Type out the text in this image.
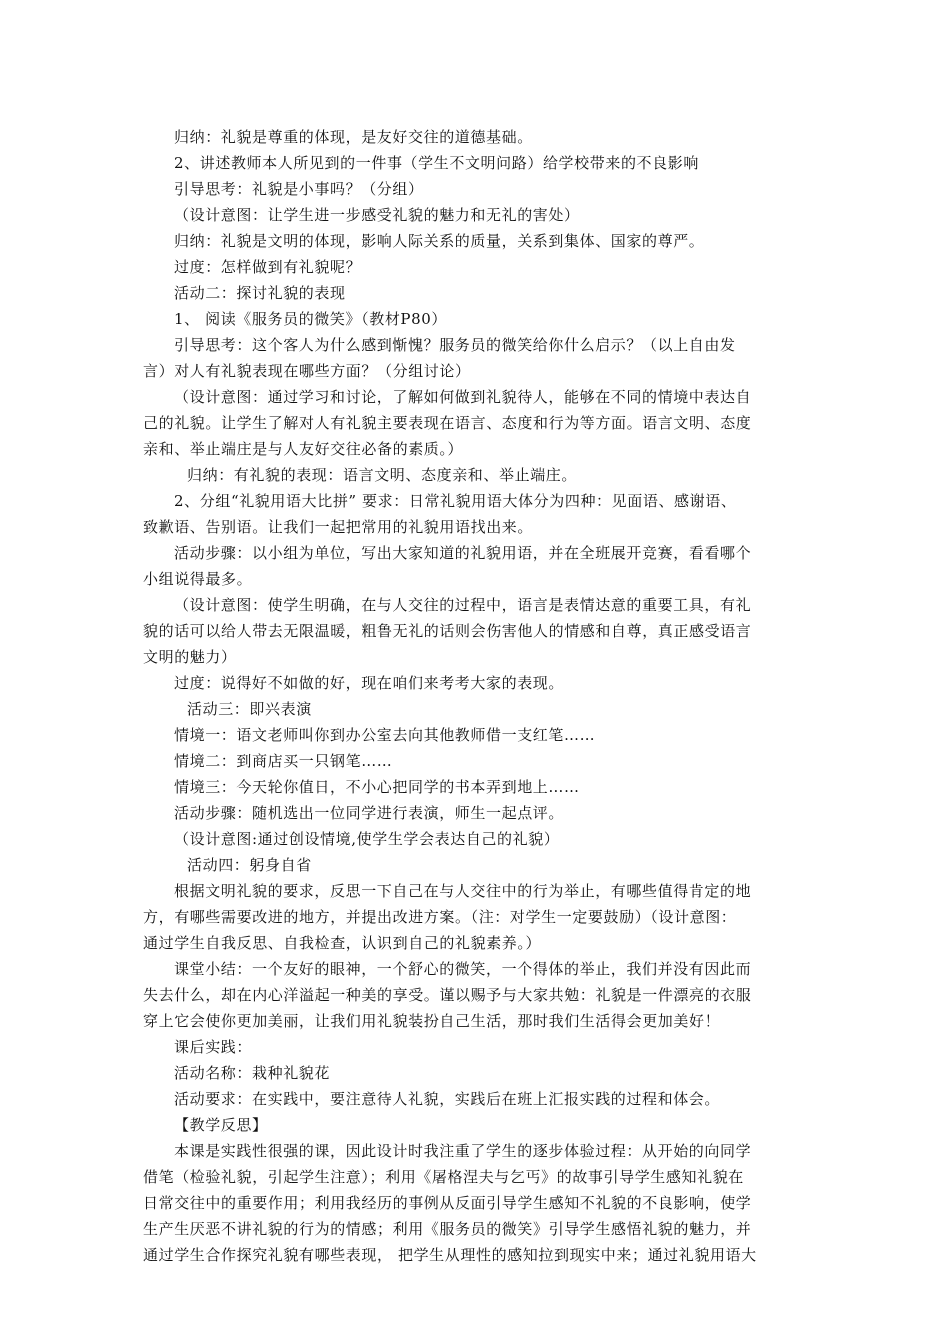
归纳：礼貌是尊重的体现，是友好交往的道德基础。
2、讲述教师本人所见到的一件事（学生不文明问路）给学校带来的不良影响
引导思考：礼貌是小事吗？（分组）
（设计意图：让学生进一步感受礼貌的魅力和无礼的害处）
归纳：礼貌是文明的体现，影响人际关系的质量，关系到集体、国家的尊严。
过度：怎样做到有礼貌呢？
活动二：探讨礼貌的表现
1、 阅读《服务员的微笑》（教材P80）
引导思考：这个客人为什么感到惭愧？服务员的微笑给你什么启示？（以上自由发
言）对人有礼貌表现在哪些方面？（分组讨论）
（设计意图：通过学习和讨论，了解如何做到礼貌待人，能够在不同的情境中表达自
己的礼貌。让学生了解对人有礼貌主要表现在语言、态度和行为等方面。语言文明、态度
亲和、举止端庄是与人友好交往必备的素质。）
归纳：有礼貌的表现：语言文明、态度亲和、举止端庄。
2、分组“礼貌用语大比拼” 要求：日常礼貌用语大体分为四种：见面语、感谢语、
致歉语、告别语。让我们一起把常用的礼貌用语找出来。
活动步骤：以小组为单位，写出大家知道的礼貌用语，并在全班展开竞赛，看看哪个
小组说得最多。
（设计意图：使学生明确，在与人交往的过程中，语言是表情达意的重要工具，有礼
貌的话可以给人带去无限温暖，粗鲁无礼的话则会伤害他人的情感和自尊，真正感受语言
文明的魅力）
过度：说得好不如做的好，现在咱们来考考大家的表现。
活动三：即兴表演
情境一：语文老师叫你到办公室去向其他教师借一支红笔……
情境二：到商店买一只钢笔……
情境三：今天轮你值日，不小心把同学的书本弄到地上……
活动步骤：随机选出一位同学进行表演，师生一起点评。
（设计意图:通过创设情境,使学生学会表达自己的礼貌）
活动四：躬身自省
根据文明礼貌的要求，反思一下自己在与人交往中的行为举止，有哪些值得肯定的地
方，有哪些需要改进的地方，并提出改进方案。（注：对学生一定要鼓励）（设计意图：
通过学生自我反思、自我检查，认识到自己的礼貌素养。）
课堂小结：一个友好的眼神，一个舒心的微笑，一个得体的举止，我们并没有因此而
失去什么，却在内心洋溢起一种美的享受。谨以赐予与大家共勉：礼貌是一件漂亮的衣服
穿上它会使你更加美丽，让我们用礼貌装扮自己生活，那时我们生活得会更加美好！
课后实践：
活动名称：栽种礼貌花
活动要求：在实践中，要注意待人礼貌，实践后在班上汇报实践的过程和体会。
【教学反思】
本课是实践性很强的课，因此设计时我注重了学生的逐步体验过程：从开始的向同学
借笔（检验礼貌，引起学生注意）；利用《屠格涅夫与乞丐》的故事引导学生感知礼貌在
日常交往中的重要作用；利用我经历的事例从反面引导学生感知不礼貌的不良影响，使学
生产生厌恶不讲礼貌的行为的情感；利用《服务员的微笑》引导学生感悟礼貌的魅力，并
通过学生合作探究礼貌有哪些表现， 把学生从理性的感知拉到现实中来；通过礼貌用语大
